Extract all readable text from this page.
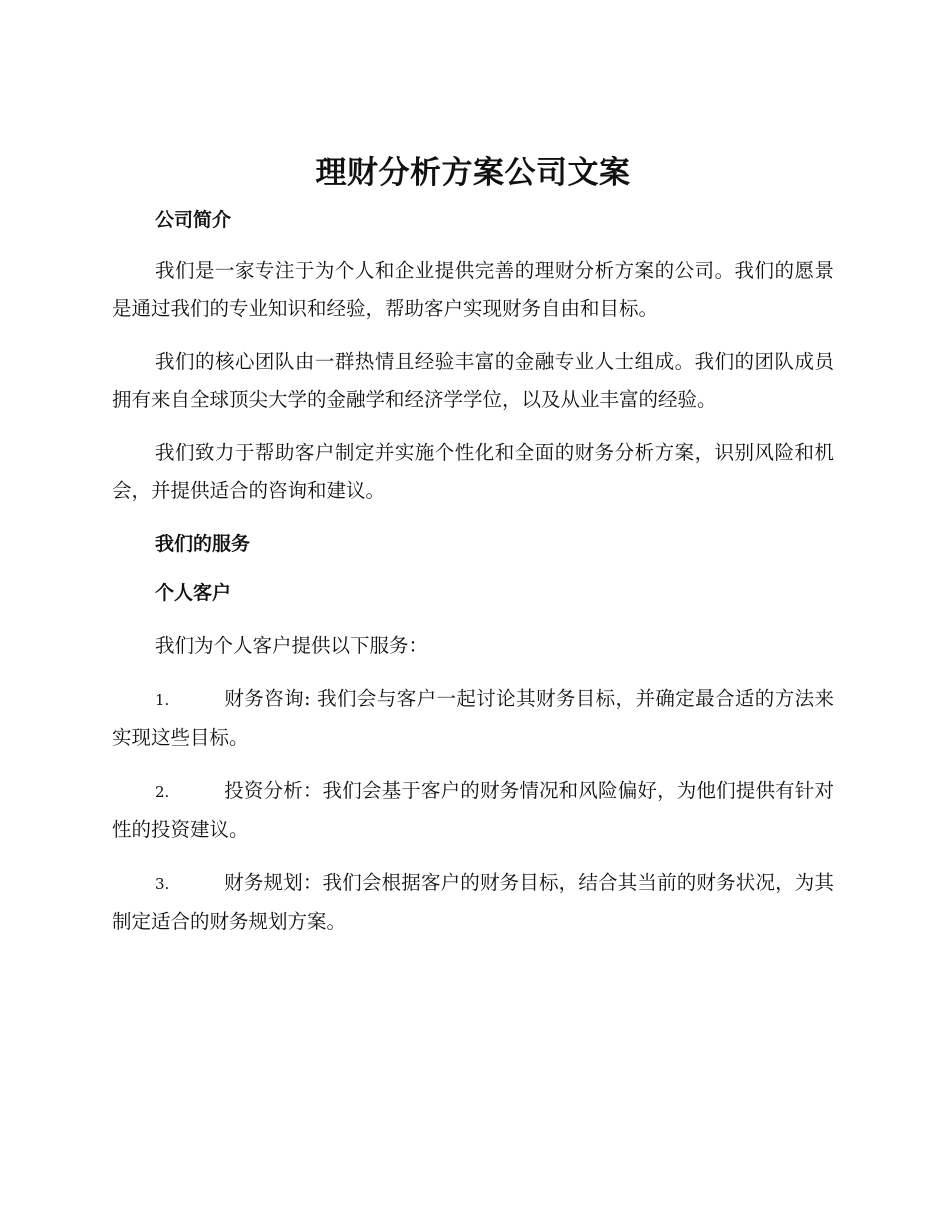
理财分析方案公司文案
公司简介

我们是一家专注于为个人和企业提供完善的理财分析方案的公司。我们的愿景是通过我们的专业知识和经验，帮助客户实现财务自由和目标。

我们的核心团队由一群热情且经验丰富的金融专业人士组成。我们的团队成员拥有来自全球顶尖大学的金融学和经济学学位，以及从业丰富的经验。

我们致力于帮助客户制定并实施个性化和全面的财务分析方案，识别风险和机会，并提供适合的咨询和建议。

我们的服务
个人客户

我们为个人客户提供以下服务：

1.	财务咨询: 我们会与客户一起讨论其财务目标，并确定最合适的方法来实现这些目标。

2.	投资分析：我们会基于客户的财务情况和风险偏好，为他们提供有针对性的投资建议。

3.	财务规划：我们会根据客户的财务目标，结合其当前的财务状况，为其制定适合的财务规划方案。
